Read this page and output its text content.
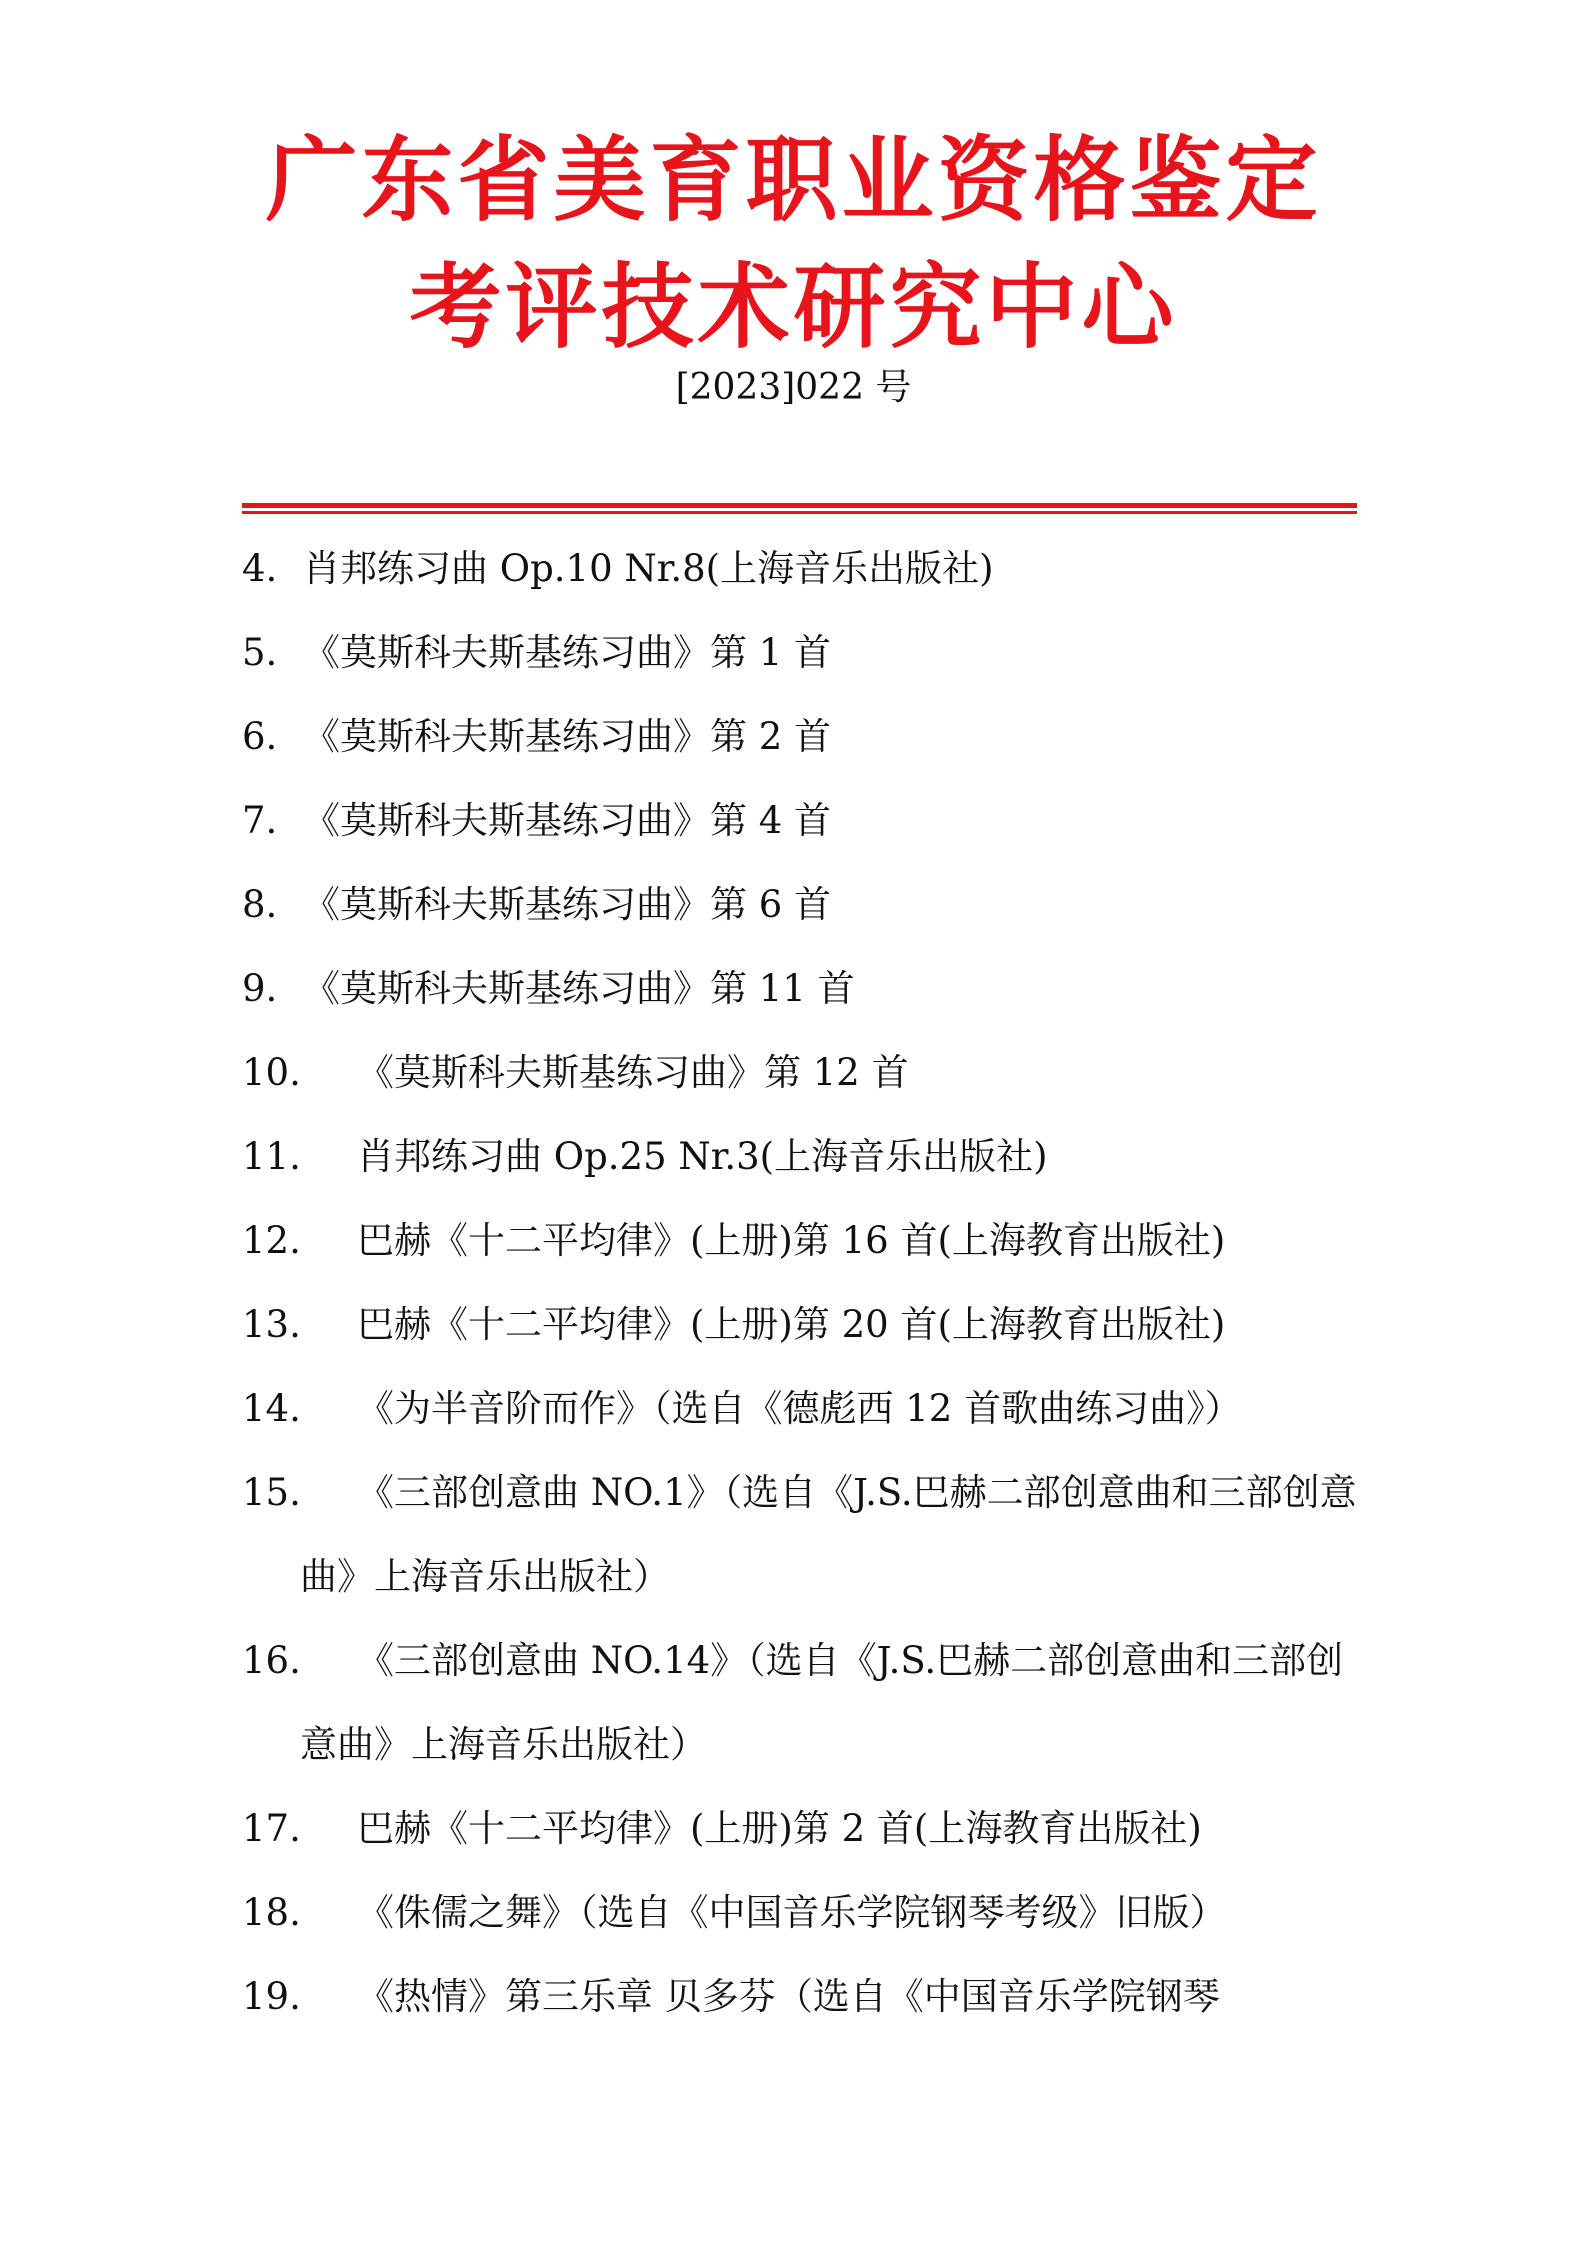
广东省美育职业资格鉴定
考评技术研究中心
[2023]022 号
4. 肖邦练习曲 Op.10 Nr.8(上海音乐出版社)
5. 《莫斯科夫斯基练习曲》第 1 首
6. 《莫斯科夫斯基练习曲》第 2 首
7. 《莫斯科夫斯基练习曲》第 4 首
8. 《莫斯科夫斯基练习曲》第 6 首
9. 《莫斯科夫斯基练习曲》第 11 首
10. 《莫斯科夫斯基练习曲》第 12 首
11. 肖邦练习曲 Op.25 Nr.3(上海音乐出版社)
12. 巴赫《十二平均律》(上册)第 16 首(上海教育出版社)
13. 巴赫《十二平均律》(上册)第 20 首(上海教育出版社)
14. 《为半音阶而作》（选自《德彪西 12 首歌曲练习曲》）
15. 《三部创意曲 NO.1》（选自《J.S.巴赫二部创意曲和三部创意曲》上海音乐出版社）
16. 《三部创意曲 NO.14》（选自《J.S.巴赫二部创意曲和三部创意曲》上海音乐出版社）
17. 巴赫《十二平均律》(上册)第 2 首(上海教育出版社)
18. 《侏儒之舞》（选自《中国音乐学院钢琴考级》旧版）
19. 《热情》第三乐章 贝多芬（选自《中国音乐学院钢琴
